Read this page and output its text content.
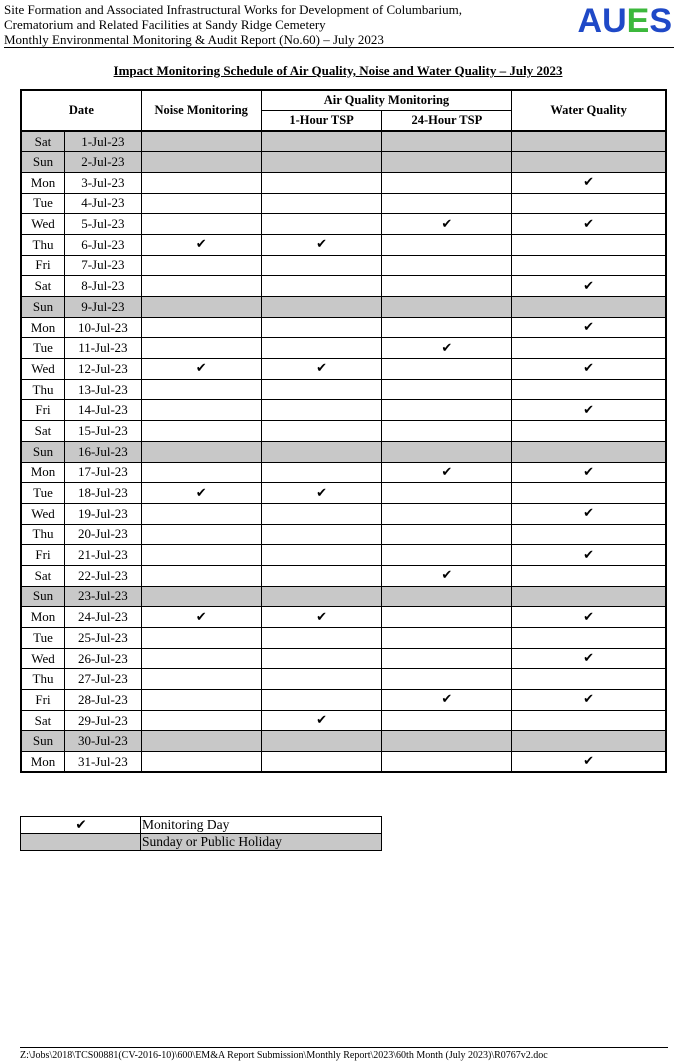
Site Formation and Associated Infrastructural Works for Development of Columbarium,
Crematorium and Related Facilities at Sandy Ridge Cemetery
Monthly Environmental Monitoring & Audit Report (No.60) – July 2023	AUES
Impact Monitoring Schedule of Air Quality, Noise and Water Quality – July 2023
Date		Noise Monitoring	Air Quality Monitoring		Water Quality
			1-Hour TSP	24-Hour TSP	
Sat	1-Jul-23				
Sun	2-Jul-23				
Mon	3-Jul-23				✔
Tue	4-Jul-23				
Wed	5-Jul-23			✔	✔
Thu	6-Jul-23	✔	✔		
Fri	7-Jul-23				
Sat	8-Jul-23				✔
Sun	9-Jul-23				
Mon	10-Jul-23				✔
Tue	11-Jul-23			✔	
Wed	12-Jul-23	✔	✔		✔
Thu	13-Jul-23				
Fri	14-Jul-23				✔
Sat	15-Jul-23				
Sun	16-Jul-23				
Mon	17-Jul-23			✔	✔
Tue	18-Jul-23	✔	✔		
Wed	19-Jul-23				✔
Thu	20-Jul-23				
Fri	21-Jul-23				✔
Sat	22-Jul-23			✔	
Sun	23-Jul-23				
Mon	24-Jul-23	✔	✔		✔
Tue	25-Jul-23				
Wed	26-Jul-23				✔
Thu	27-Jul-23				
Fri	28-Jul-23			✔	✔
Sat	29-Jul-23		✔		
Sun	30-Jul-23				
Mon	31-Jul-23				✔
✔	Monitoring Day
	Sunday or Public Holiday
Z:\Jobs\2018\TCS00881(CV-2016-10)\600\EM&A Report Submission\Monthly Report\2023\60th Month (July 2023)\R0767v2.doc
